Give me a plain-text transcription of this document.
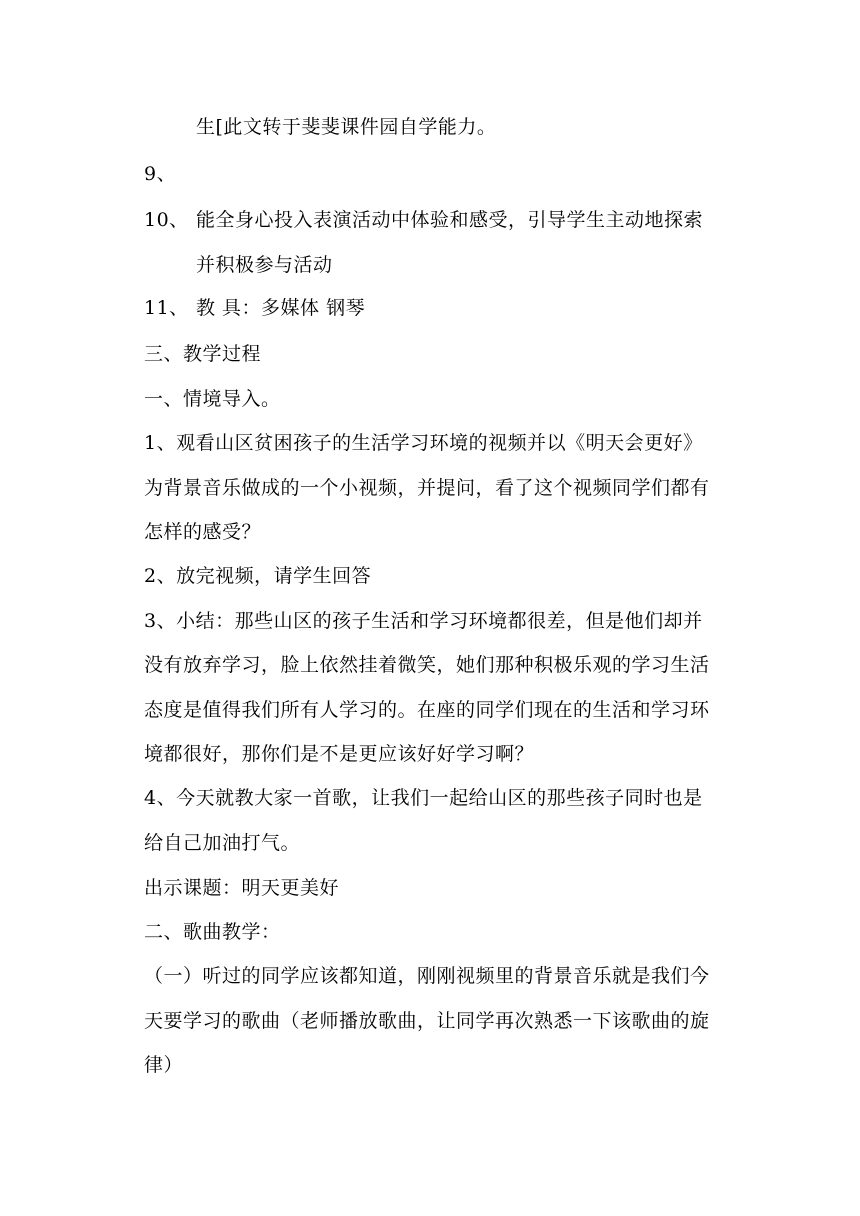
生[此文转于斐斐课件园自学能力。
9、
10、 能全身心投入表演活动中体验和感受，引导学生主动地探索
并积极参与活动
11、 教 具：多媒体 钢琴
三、教学过程
一、情境导入。
1、观看山区贫困孩子的生活学习环境的视频并以《明天会更好》
为背景音乐做成的一个小视频，并提问，看了这个视频同学们都有
怎样的感受？
2、放完视频，请学生回答
3、小结：那些山区的孩子生活和学习环境都很差，但是他们却并
没有放弃学习，脸上依然挂着微笑，她们那种积极乐观的学习生活
态度是值得我们所有人学习的。在座的同学们现在的生活和学习环
境都很好，那你们是不是更应该好好学习啊？
4、今天就教大家一首歌，让我们一起给山区的那些孩子同时也是
给自己加油打气。
出示课题：明天更美好
二、歌曲教学：
（一）听过的同学应该都知道，刚刚视频里的背景音乐就是我们今
天要学习的歌曲（老师播放歌曲，让同学再次熟悉一下该歌曲的旋
律）
